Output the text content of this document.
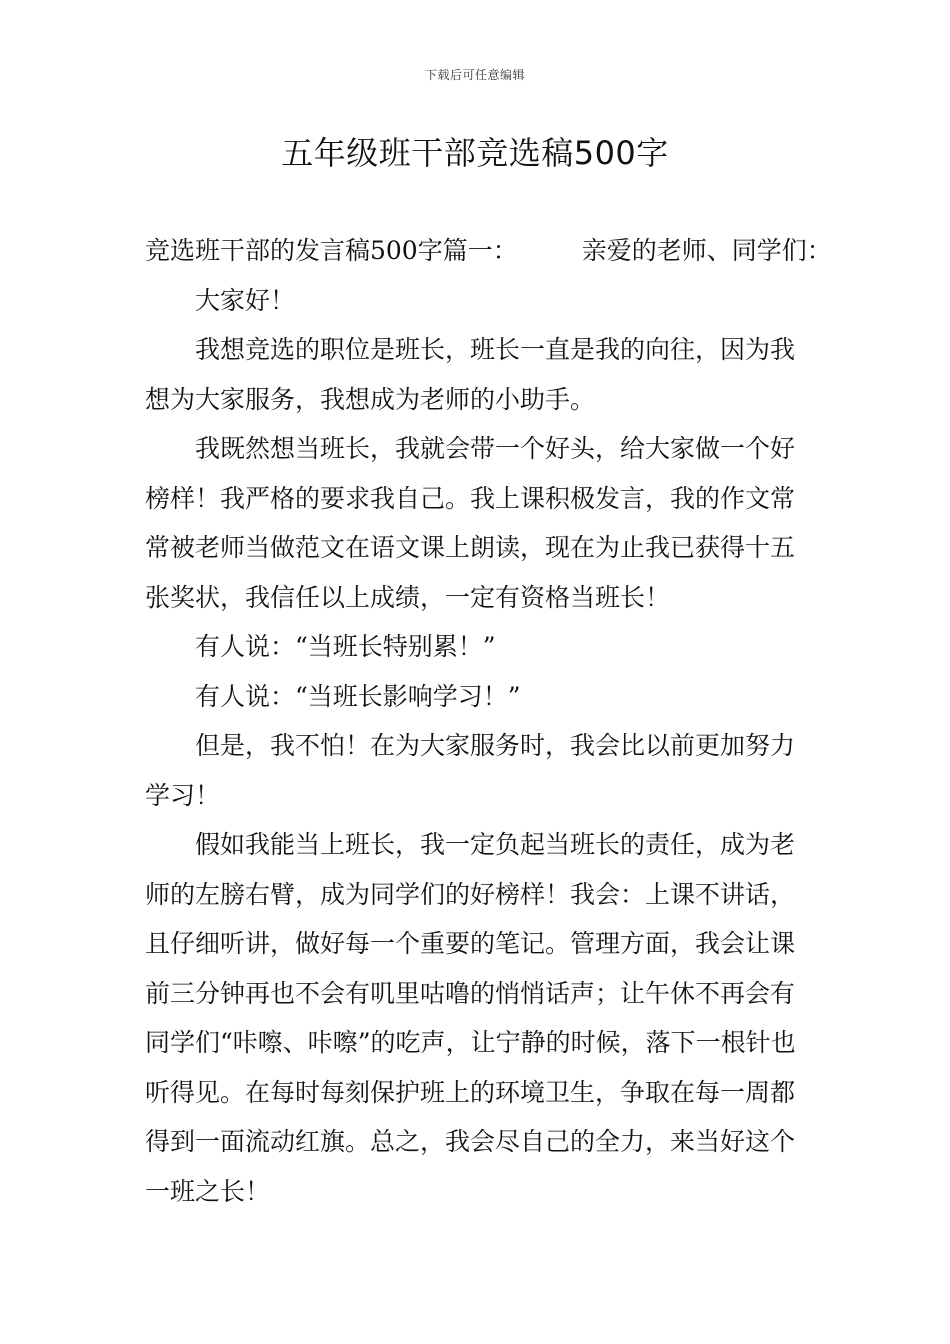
下载后可任意编辑
五年级班干部竞选稿500字

竞选班干部的发言稿500字篇一：	亲爱的老师、同学们：

大家好！

我想竞选的职位是班长，班长一直是我的向往，因为我想为大家服务，我想成为老师的小助手。

我既然想当班长，我就会带一个好头，给大家做一个好榜样！我严格的要求我自己。我上课积极发言，我的作文常常被老师当做范文在语文课上朗读，现在为止我已获得十五张奖状，我信任以上成绩，一定有资格当班长！

有人说：“当班长特别累！”

有人说：“当班长影响学习！”

但是，我不怕！在为大家服务时，我会比以前更加努力学习！

假如我能当上班长，我一定负起当班长的责任，成为老师的左膀右臂，成为同学们的好榜样！我会：上课不讲话，且仔细听讲，做好每一个重要的笔记。管理方面，我会让课前三分钟再也不会有叽里咕噜的悄悄话声；让午休不再会有同学们“咔嚓、咔嚓”的吃声，让宁静的时候，落下一根针也听得见。在每时每刻保护班上的环境卫生，争取在每一周都得到一面流动红旗。总之，我会尽自己的全力，来当好这个一班之长！
